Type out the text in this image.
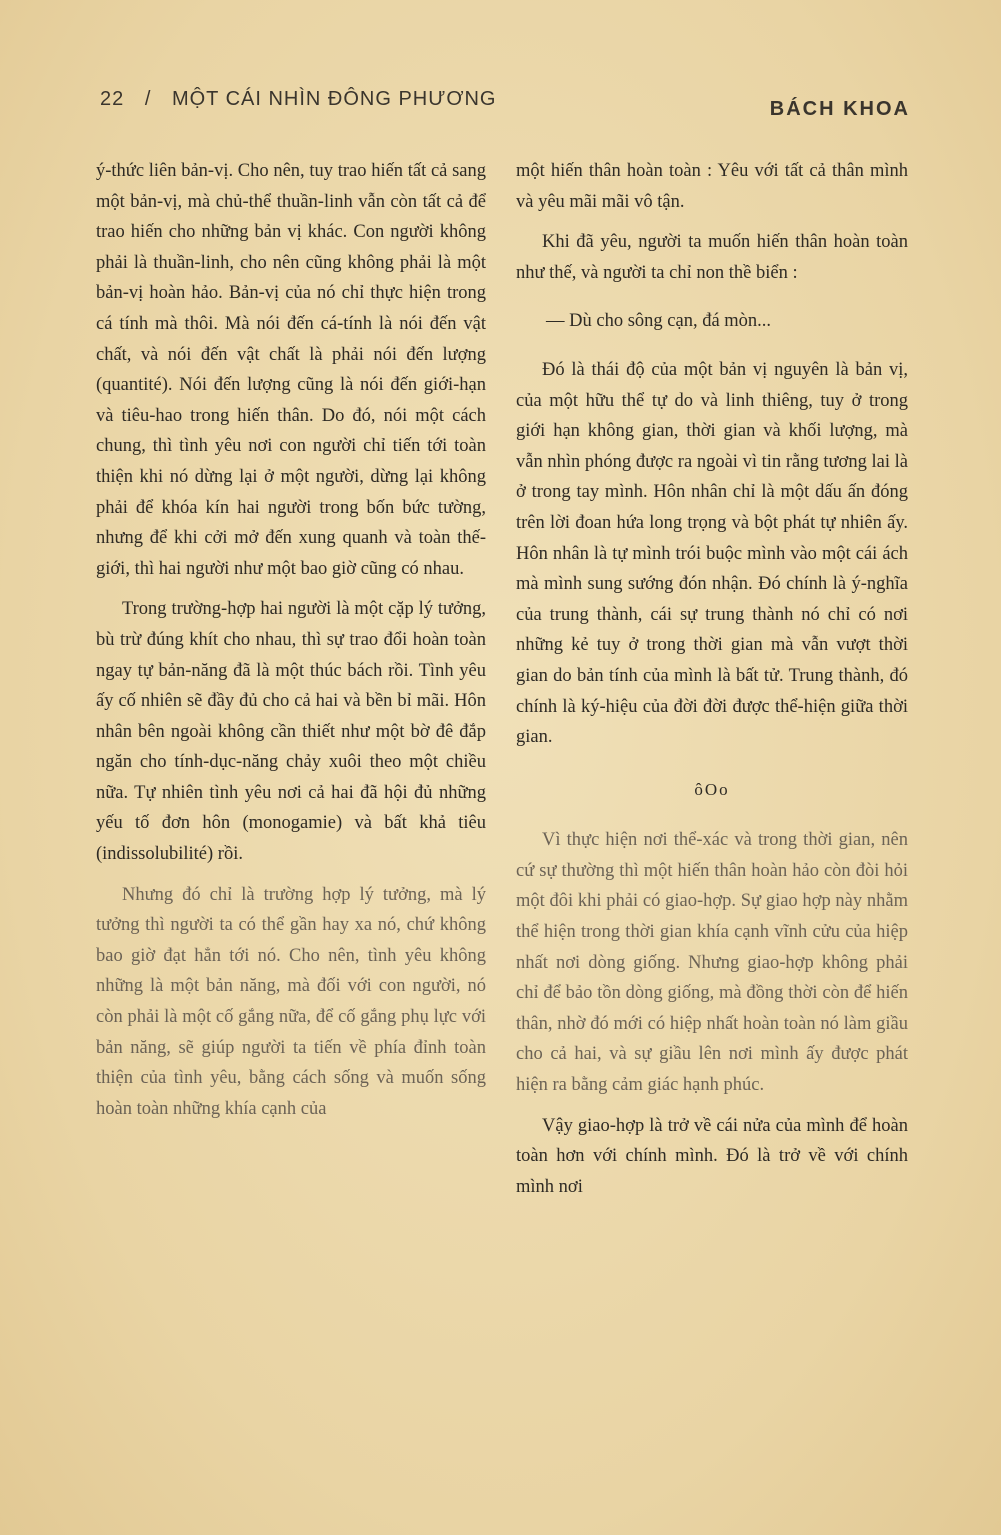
22 / MỘT CÁI NHÌN ĐÔNG PHƯƠNG	BÁCH KHOA

ý-thức liên bản-vị. Cho nên, tuy trao hiến tất cả sang một bản-vị, mà chủ-thể thuần-linh vẫn còn tất cả để trao hiến cho những bản vị khác. Con người không phải là thuần-linh, cho nên cũng không phải là một bản-vị hoàn hảo. Bản-vị của nó chỉ thực hiện trong cá tính mà thôi. Mà nói đến cá-tính là nói đến vật chất, và nói đến vật chất là phải nói đến lượng (quantité). Nói đến lượng cũng là nói đến giới-hạn và tiêu-hao trong hiến thân. Do đó, nói một cách chung, thì tình yêu nơi con người chỉ tiến tới toàn thiện khi nó dừng lại ở một người, dừng lại không phải để khóa kín hai người trong bốn bức tường, nhưng để khi cởi mở đến xung quanh và toàn thế-giới, thì hai người như một bao giờ cũng có nhau.

Trong trường-hợp hai người là một cặp lý tưởng, bù trừ đúng khít cho nhau, thì sự trao đổi hoàn toàn ngay tự bản-năng đã là một thúc bách rồi. Tình yêu ấy cố nhiên sẽ đầy đủ cho cả hai và bền bỉ mãi. Hôn nhân bên ngoài không cần thiết như một bờ đê đắp ngăn cho tính-dục-năng chảy xuôi theo một chiều nữa. Tự nhiên tình yêu nơi cả hai đã hội đủ những yếu tố đơn hôn (monogamie) và bất khả tiêu (indissolubilité) rồi.

Nhưng đó chỉ là trường hợp lý tưởng, mà lý tưởng thì người ta có thể gần hay xa nó, chứ không bao giờ đạt hẳn tới nó. Cho nên, tình yêu không những là một bản năng, mà đối với con người, nó còn phải là một cố gắng nữa, để cố gắng phụ lực với bản năng, sẽ giúp người ta tiến về phía đỉnh toàn thiện của tình yêu, bằng cách sống và muốn sống hoàn toàn những khía cạnh của

một hiến thân hoàn toàn : Yêu với tất cả thân mình và yêu mãi mãi vô tận.

Khi đã yêu, người ta muốn hiến thân hoàn toàn như thế, và người ta chỉ non thề biển :

— Dù cho sông cạn, đá mòn...

Đó là thái độ của một bản vị nguyên là bản vị, của một hữu thể tự do và linh thiêng, tuy ở trong giới hạn không gian, thời gian và khối lượng, mà vẫn nhìn phóng được ra ngoài vì tin rằng tương lai là ở trong tay mình. Hôn nhân chỉ là một dấu ấn đóng trên lời đoan hứa long trọng và bột phát tự nhiên ấy. Hôn nhân là tự mình trói buộc mình vào một cái ách mà mình sung sướng đón nhận. Đó chính là ý-nghĩa của trung thành, cái sự trung thành nó chỉ có nơi những kẻ tuy ở trong thời gian mà vẫn vượt thời gian do bản tính của mình là bất tử. Trung thành, đó chính là ký-hiệu của đời đời được thể-hiện giữa thời gian.

ôOo

Vì thực hiện nơi thể-xác và trong thời gian, nên cứ sự thường thì một hiến thân hoàn hảo còn đòi hỏi một đôi khi phải có giao-hợp. Sự giao hợp này nhằm thể hiện trong thời gian khía cạnh vĩnh cửu của hiệp nhất nơi dòng giống. Nhưng giao-hợp không phải chỉ để bảo tồn dòng giống, mà đồng thời còn để hiến thân, nhờ đó mới có hiệp nhất hoàn toàn nó làm giầu cho cả hai, và sự giầu lên nơi mình ấy được phát hiện ra bằng cảm giác hạnh phúc.

Vậy giao-hợp là trở về cái nửa của mình để hoàn toàn hơn với chính mình. Đó là trở về với chính mình nơi
